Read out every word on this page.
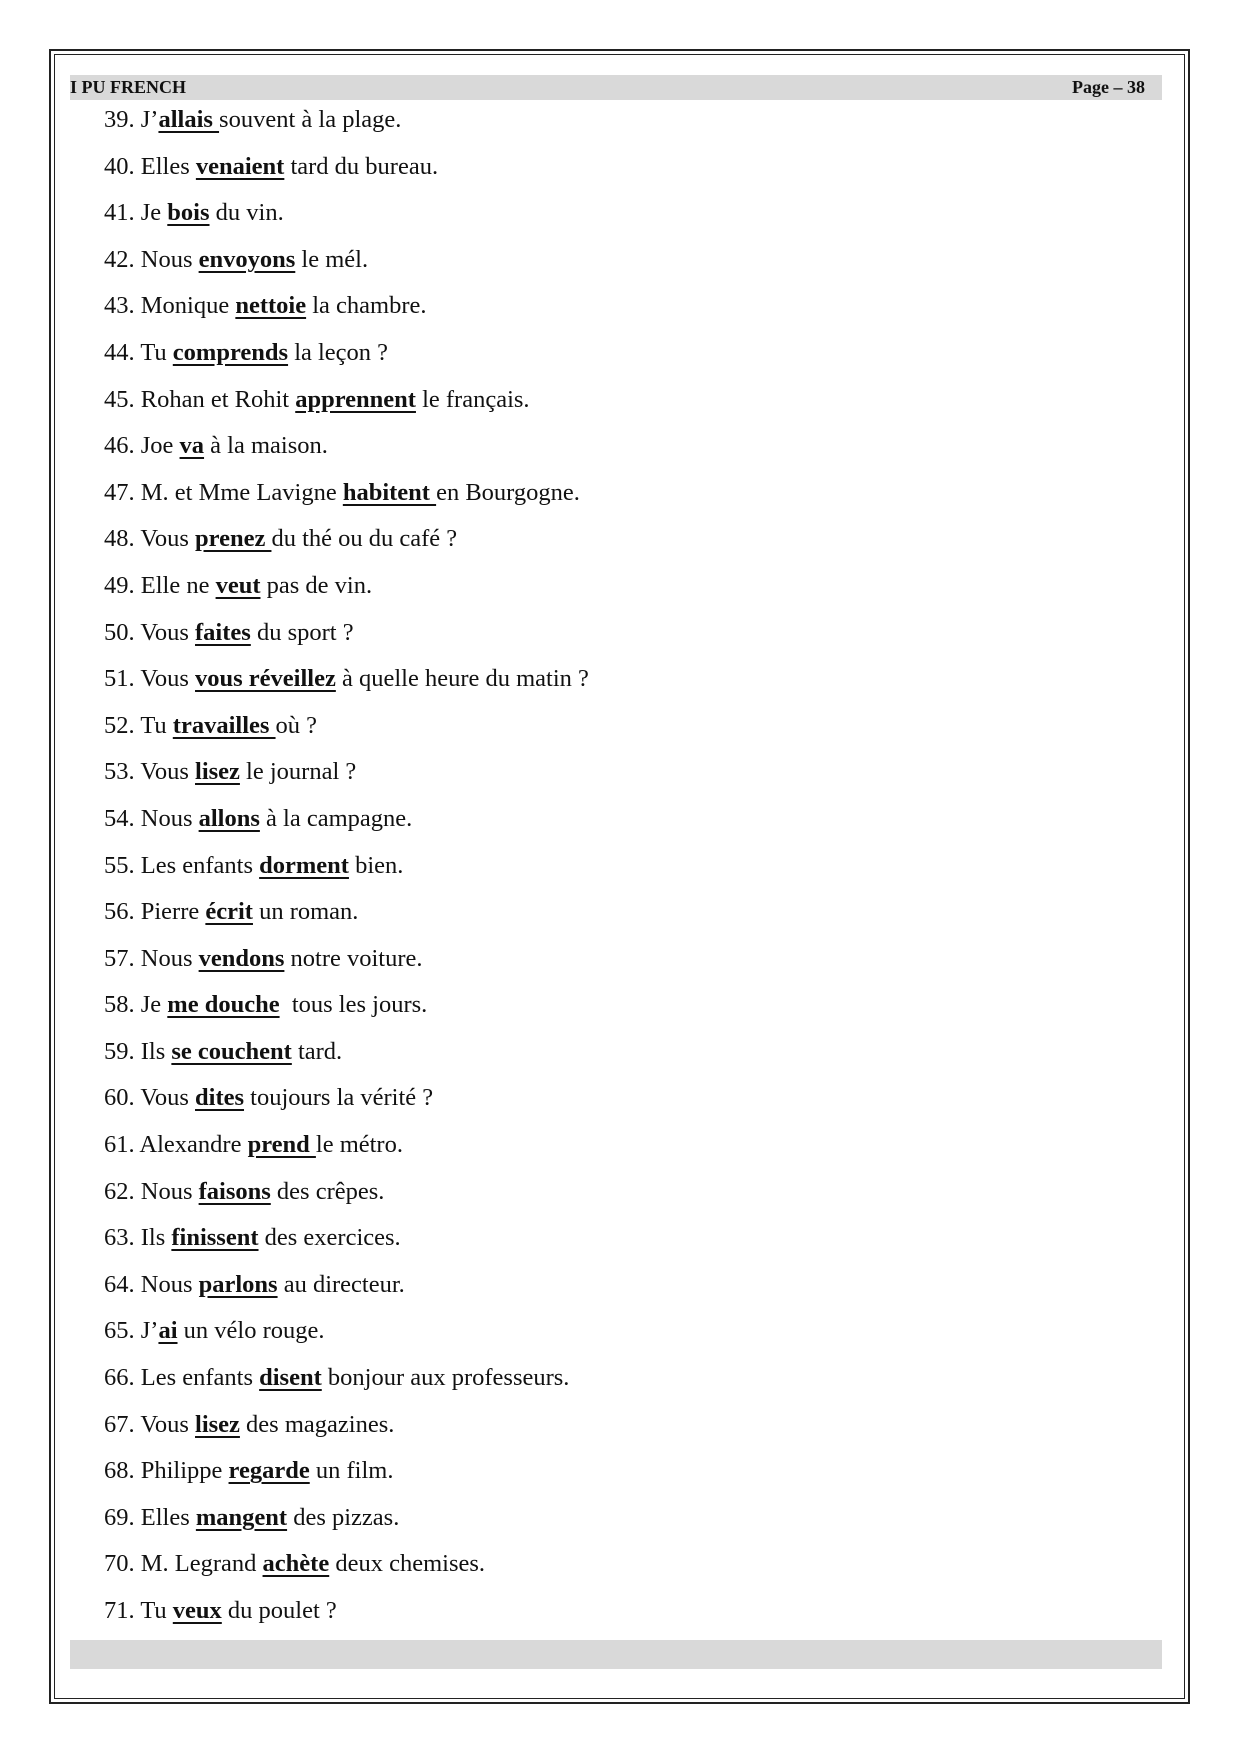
I PU FRENCH	Page – 38
39. J’allais souvent à la plage.
40. Elles venaient tard du bureau.
41. Je bois du vin.
42. Nous envoyons le mél.
43. Monique nettoie la chambre.
44. Tu comprends la leçon ?
45. Rohan et Rohit apprennent le français.
46. Joe va à la maison.
47. M. et Mme Lavigne habitent en Bourgogne.
48. Vous prenez du thé ou du café ?
49. Elle ne veut pas de vin.
50. Vous faites du sport ?
51. Vous vous réveillez à quelle heure du matin ?
52. Tu travailles où ?
53. Vous lisez le journal ?
54. Nous allons à la campagne.
55. Les enfants dorment bien.
56. Pierre écrit un roman.
57. Nous vendons notre voiture.
58. Je me douche  tous les jours.
59. Ils se couchent tard.
60. Vous dites toujours la vérité ?
61. Alexandre prend le métro.
62. Nous faisons des crêpes.
63. Ils finissent des exercices.
64. Nous parlons au directeur.
65. J’ai un vélo rouge.
66. Les enfants disent bonjour aux professeurs.
67. Vous lisez des magazines.
68. Philippe regarde un film.
69. Elles mangent des pizzas.
70. M. Legrand achète deux chemises.
71. Tu veux du poulet ?
